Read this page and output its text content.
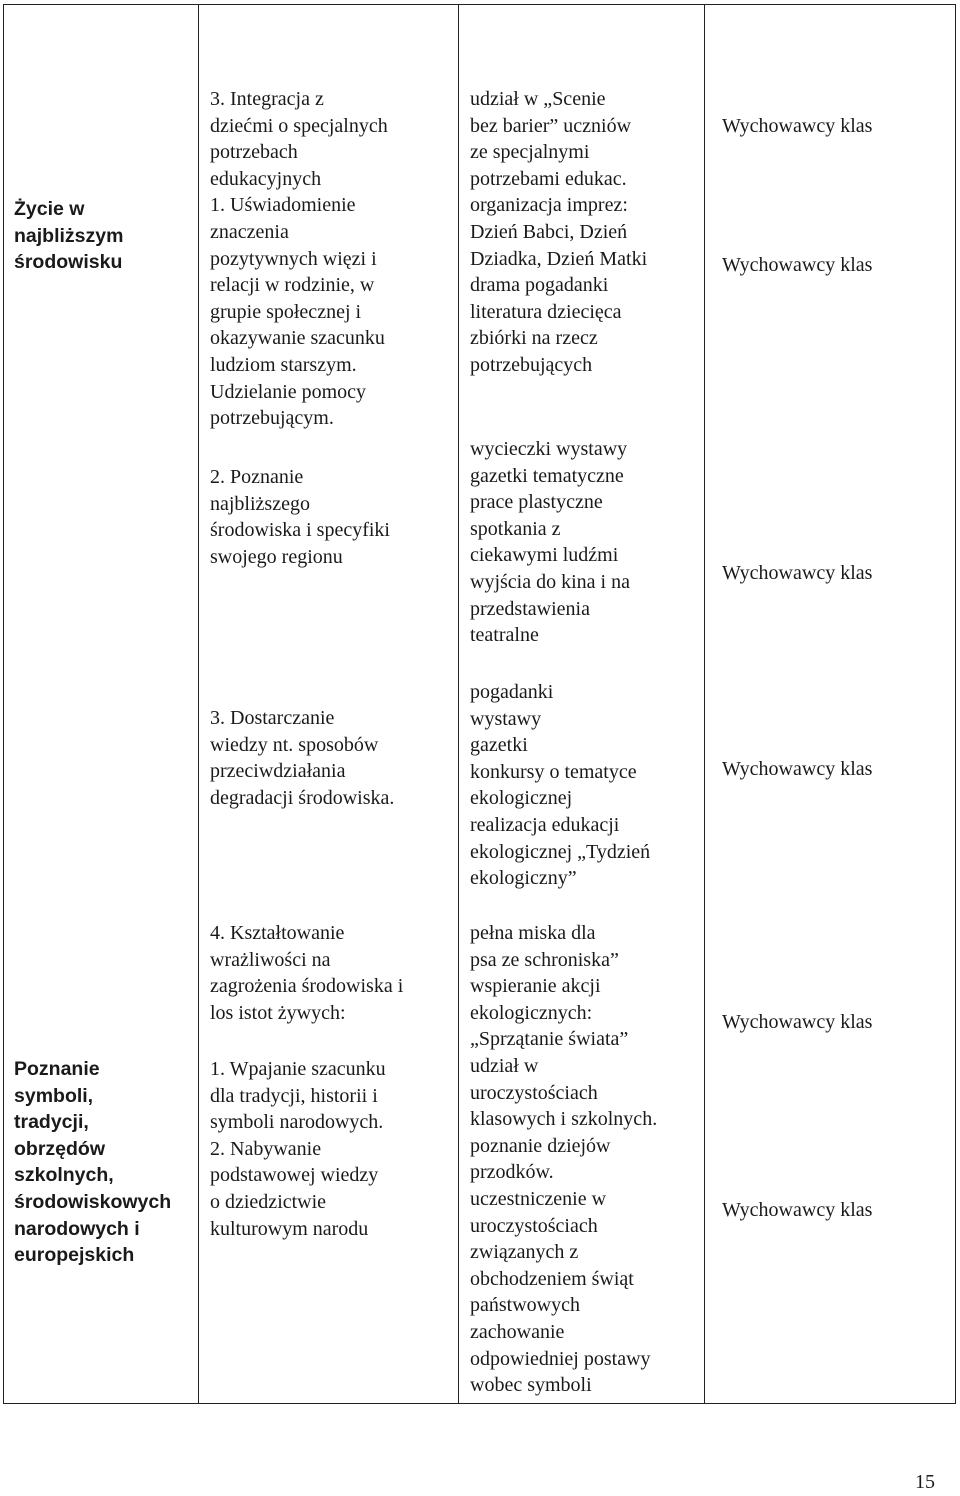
Życie w
najbliższym
środowisku
Poznanie
symboli,
tradycji,
obrzędów
szkolnych,
środowiskowych
narodowych i
europejskich
3. Integracja z
dziećmi o specjalnych
potrzebach
edukacyjnych
1. Uświadomienie
znaczenia
pozytywnych więzi i
relacji w rodzinie, w
grupie społecznej i
okazywanie szacunku
ludziom starszym.
Udzielanie pomocy
potrzebującym.
2. Poznanie
najbliższego
środowiska i specyfiki
swojego regionu
3. Dostarczanie
wiedzy nt. sposobów
przeciwdziałania
degradacji środowiska.
4. Kształtowanie
wrażliwości na
zagrożenia środowiska i
los istot żywych:
1. Wpajanie szacunku
dla tradycji, historii i
symboli narodowych.
2. Nabywanie
podstawowej wiedzy
o dziedzictwie
kulturowym narodu
udział w „Scenie
bez barier” uczniów
ze specjalnymi
potrzebami edukac.
organizacja imprez:
Dzień Babci, Dzień
Dziadka, Dzień Matki
drama pogadanki
literatura dziecięca
zbiórki na rzecz
potrzebujących
wycieczki wystawy
gazetki tematyczne
prace plastyczne
spotkania z
ciekawymi ludźmi
wyjścia do kina i na
przedstawienia
teatralne
pogadanki
wystawy
gazetki
konkursy o tematyce
ekologicznej
realizacja edukacji
ekologicznej „Tydzień
ekologiczny”
pełna miska dla
psa ze schroniska”
wspieranie akcji
ekologicznych:
„Sprzątanie świata”
udział w
uroczystościach
klasowych i szkolnych.
poznanie dziejów
przodków.
uczestniczenie w
uroczystościach
związanych z
obchodzeniem świąt
państwowych
zachowanie
odpowiedniej postawy
wobec symboli
Wychowawcy klas
Wychowawcy klas
Wychowawcy klas
Wychowawcy klas
Wychowawcy klas
Wychowawcy klas
15
